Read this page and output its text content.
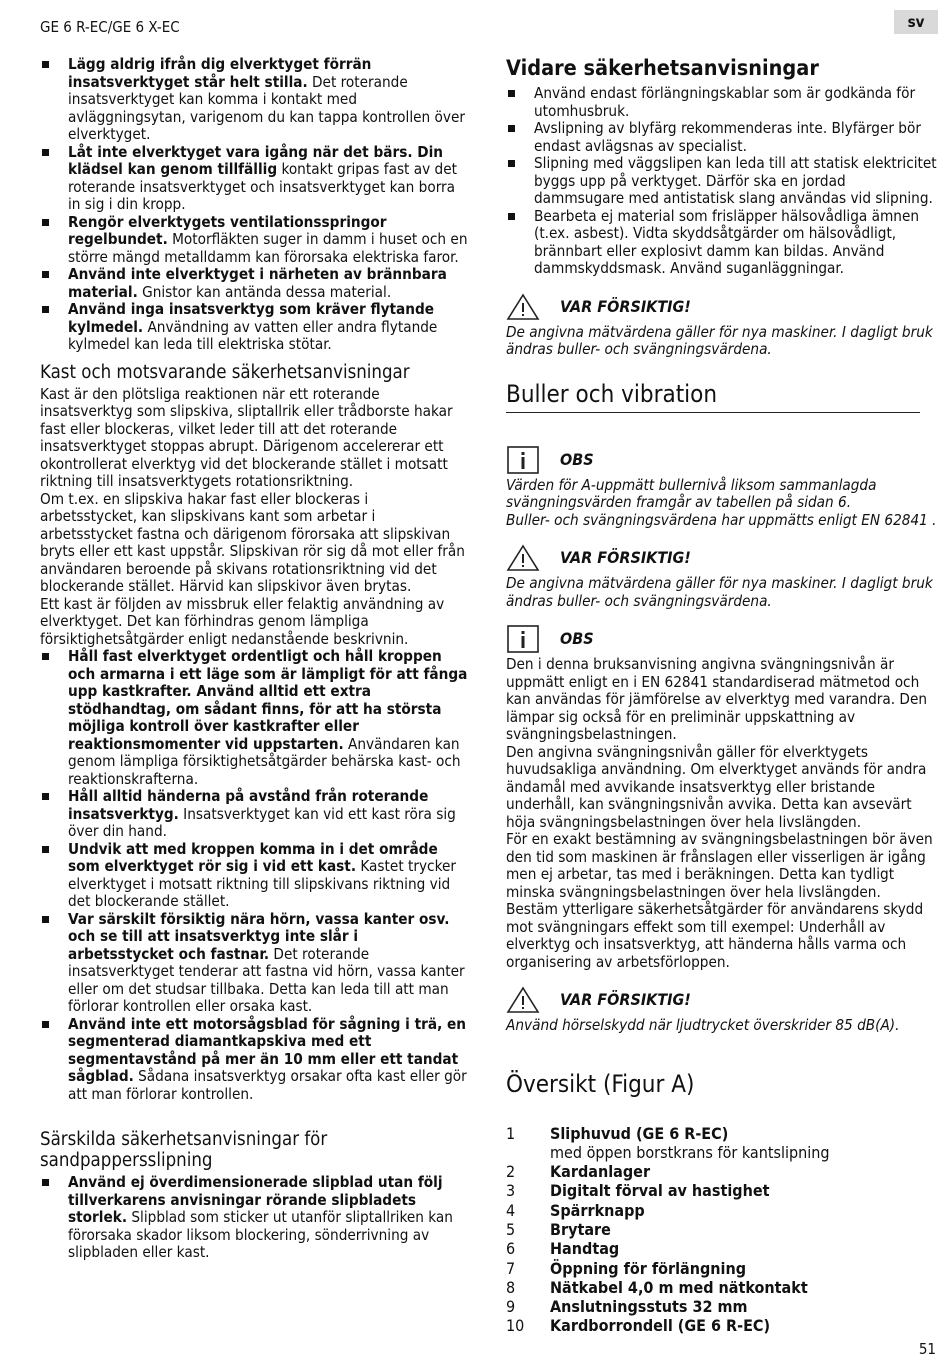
GE 6 R-EC/GE 6 X-EC	sv
Lägg aldrig ifrån dig elverktyget förrän insatsverktyget står helt stilla. Det roterande insatsverktyget kan komma i kontakt med avläggningsytan, varigenom du kan tappa kontrollen över elverktyget.
Låt inte elverktyget vara igång när det bärs. Din klädsel kan genom tillfällig kontakt gripas fast av det roterande insatsverktyget och insatsverktyget kan borra in sig i din kropp.
Rengör elverktygets ventilationsspringor regelbundet. Motorfläkten suger in damm i huset och en större mängd metalldamm kan förorsaka elektriska faror.
Använd inte elverktyget i närheten av brännbara material. Gnistor kan antända dessa material.
Använd inga insatsverktyg som kräver flytande kylmedel. Användning av vatten eller andra flytande kylmedel kan leda till elektriska stötar.
Kast och motsvarande säkerhetsanvisningar

Kast är den plötsliga reaktionen när ett roterande insatsverktyg som slipskiva, sliptallrik eller trådborste hakar fast eller blockeras, vilket leder till att det roterande insatsverktyget stoppas abrupt. Därigenom accelererar ett okontrollerat elverktyg vid det blockerande stället i motsatt riktning till insatsverktygets rotationsriktning.

Om t.ex. en slipskiva hakar fast eller blockeras i arbetsstycket, kan slipskivans kant som arbetar i arbetsstycket fastna och därigenom förorsaka att slipskivan bryts eller ett kast uppstår. Slipskivan rör sig då mot eller från användaren beroende på skivans rotationsriktning vid det blockerande stället. Härvid kan slipskivor även brytas.

Ett kast är följden av missbruk eller felaktig användning av elverktyget. Det kan förhindras genom lämpliga försiktighetsåtgärder enligt nedanstående beskrivnin.

Håll fast elverktyget ordentligt och håll kroppen och armarna i ett läge som är lämpligt för att fånga upp kastkrafter. Använd alltid ett extra stödhandtag, om sådant finns, för att ha största möjliga kontroll över kastkrafter eller reaktionsmomenter vid uppstarten. Användaren kan genom lämpliga försiktighetsåtgärder behärska kast- och reaktionskrafterna.
Håll alltid händerna på avstånd från roterande insatsverktyg. Insatsverktyget kan vid ett kast röra sig över din hand.
Undvik att med kroppen komma in i det område som elverktyget rör sig i vid ett kast. Kastet trycker elverktyget i motsatt riktning till slipskivans riktning vid det blockerande stället.
Var särskilt försiktig nära hörn, vassa kanter osv. och se till att insatsverktyg inte slår i arbetsstycket och fastnar. Det roterande insatsverktyget tenderar att fastna vid hörn, vassa kanter eller om det studsar tillbaka. Detta kan leda till att man förlorar kontrollen eller orsaka kast.
Använd inte ett motorsågsblad för sågning i trä, en segmenterad diamantkapskiva med ett segmentavstånd på mer än 10 mm eller ett tandat sågblad. Sådana insatsverktyg orsakar ofta kast eller gör att man förlorar kontrollen.
Särskilda säkerhetsanvisningar för sandpappersslipning
Använd ej överdimensionerade slipblad utan följ tillverkarens anvisningar rörande slipbladets storlek. Slipblad som sticker ut utanför sliptallriken kan förorsaka skador liksom blockering, sönderrivning av slipbladen eller kast.
Vidare säkerhetsanvisningar
Använd endast förlängningskablar som är godkända för utomhusbruk.
Avslipning av blyfärg rekommenderas inte. Blyfärger bör endast avlägsnas av specialist.
Slipning med väggslipen kan leda till att statisk elektricitet byggs upp på verktyget. Därför ska en jordad dammsugare med antistatisk slang användas vid slipning.
Bearbeta ej material som frisläpper hälsovådliga ämnen (t.ex. asbest). Vidta skyddsåtgärder om hälsovådligt, brännbart eller explosivt damm kan bildas. Använd dammskyddsmask. Använd suganläggningar.
VAR FÖRSIKTIG!

De angivna mätvärdena gäller för nya maskiner. I dagligt bruk ändras buller- och svängningsvärdena.

Buller och vibration
OBS

Värden för A-uppmätt bullernivå liksom sammanlagda svängningsvärden framgår av tabellen på sidan 6.

Buller- och svängningsvärdena har uppmätts enligt EN 62841 .

VAR FÖRSIKTIG!

De angivna mätvärdena gäller för nya maskiner. I dagligt bruk ändras buller- och svängningsvärdena.

OBS

Den i denna bruksanvisning angivna svängningsnivån är uppmätt enligt en i EN 62841 standardiserad mätmetod och kan användas för jämförelse av elverktyg med varandra. Den lämpar sig också för en preliminär uppskattning av svängningsbelastningen.

Den angivna svängningsnivån gäller för elverktygets huvudsakliga användning. Om elverktyget används för andra ändamål med avvikande insatsverktyg eller bristande underhåll, kan svängningsnivån avvika. Detta kan avsevärt höja svängningsbelastningen över hela livslängden.

För en exakt bestämning av svängningsbelastningen bör även den tid som maskinen är frånslagen eller visserligen är igång men ej arbetar, tas med i beräkningen. Detta kan tydligt minska svängningsbelastningen över hela livslängden.

Bestäm ytterligare säkerhetsåtgärder för användarens skydd mot svängningars effekt som till exempel: Underhåll av elverktyg och insatsverktyg, att händerna hålls varma och organisering av arbetsförloppen.

VAR FÖRSIKTIG!

Använd hörselskydd när ljudtrycket överskrider 85 dB(A).

Översikt (Figur A)
1	Sliphuvud (GE 6 R-EC)
med öppen borstkrans för kantslipning
2	Kardanlager
3	Digitalt förval av hastighet
4	Spärrknapp
5	Brytare
6	Handtag
7	Öppning för förlängning
8	Nätkabel 4,0 m med nätkontakt
9	Anslutningsstuts 32 mm
10	Kardborrondell (GE 6 R-EC)
51
